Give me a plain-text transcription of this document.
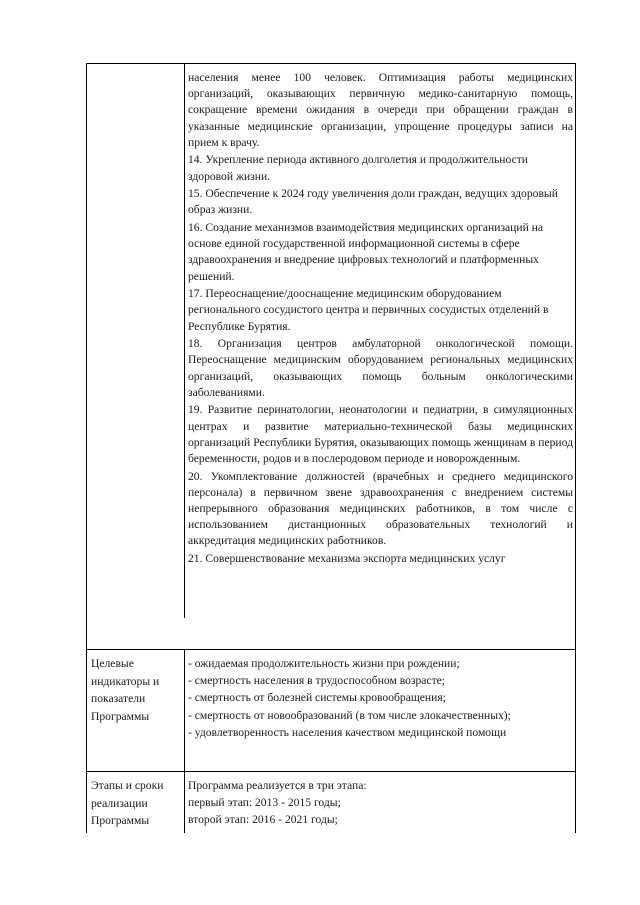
населения менее 100 человек. Оптимизация работы медицинских организаций, оказывающих первичную медико-санитарную помощь, сокращение времени ожидания в очереди при обращении граждан в указанные медицинские организации, упрощение процедуры записи на прием к врачу.

14. Укрепление периода активного долголетия и продолжительности здоровой жизни.

15. Обеспечение к 2024 году увеличения доли граждан, ведущих здоровый образ жизни.

16. Создание механизмов взаимодействия медицинских организаций на основе единой государственной информационной системы в сфере здравоохранения и внедрение цифровых технологий и платформенных решений.

17. Переоснащение/дооснащение медицинским оборудованием регионального сосудистого центра и первичных сосудистых отделений в Республике Бурятия.

18. Организация центров амбулаторной онкологической помощи. Переоснащение медицинским оборудованием региональных медицинских организаций, оказывающих помощь больным онкологическими заболеваниями.

19. Развитие перинатологии, неонатологии и педиатрии, в симуляционных центрах и развитие материально-технической базы медицинских организаций Республики Бурятия, оказывающих помощь женщинам в период беременности, родов и в послеродовом периоде и новорожденным.

20. Укомплектование должностей (врачебных и среднего медицинского персонала) в первичном звене здравоохранения с внедрением системы непрерывного образования медицинских работников, в том числе с использованием дистанционных образовательных технологий и аккредитация медицинских работников.

21. Совершенствование механизма экспорта медицинских услуг

Целевые
индикаторы и
показатели
Программы

- ожидаемая продолжительность жизни при рождении;

- смертность населения в трудоспособном возрасте;

- смертность от болезней системы кровообращения;

- смертность от новообразований (в том числе злокачественных);

- удовлетворенность населения качеством медицинской помощи

Этапы и сроки
реализации
Программы

Программа реализуется в три этапа:

первый этап: 2013 - 2015 годы;

второй этап: 2016 - 2021 годы;
